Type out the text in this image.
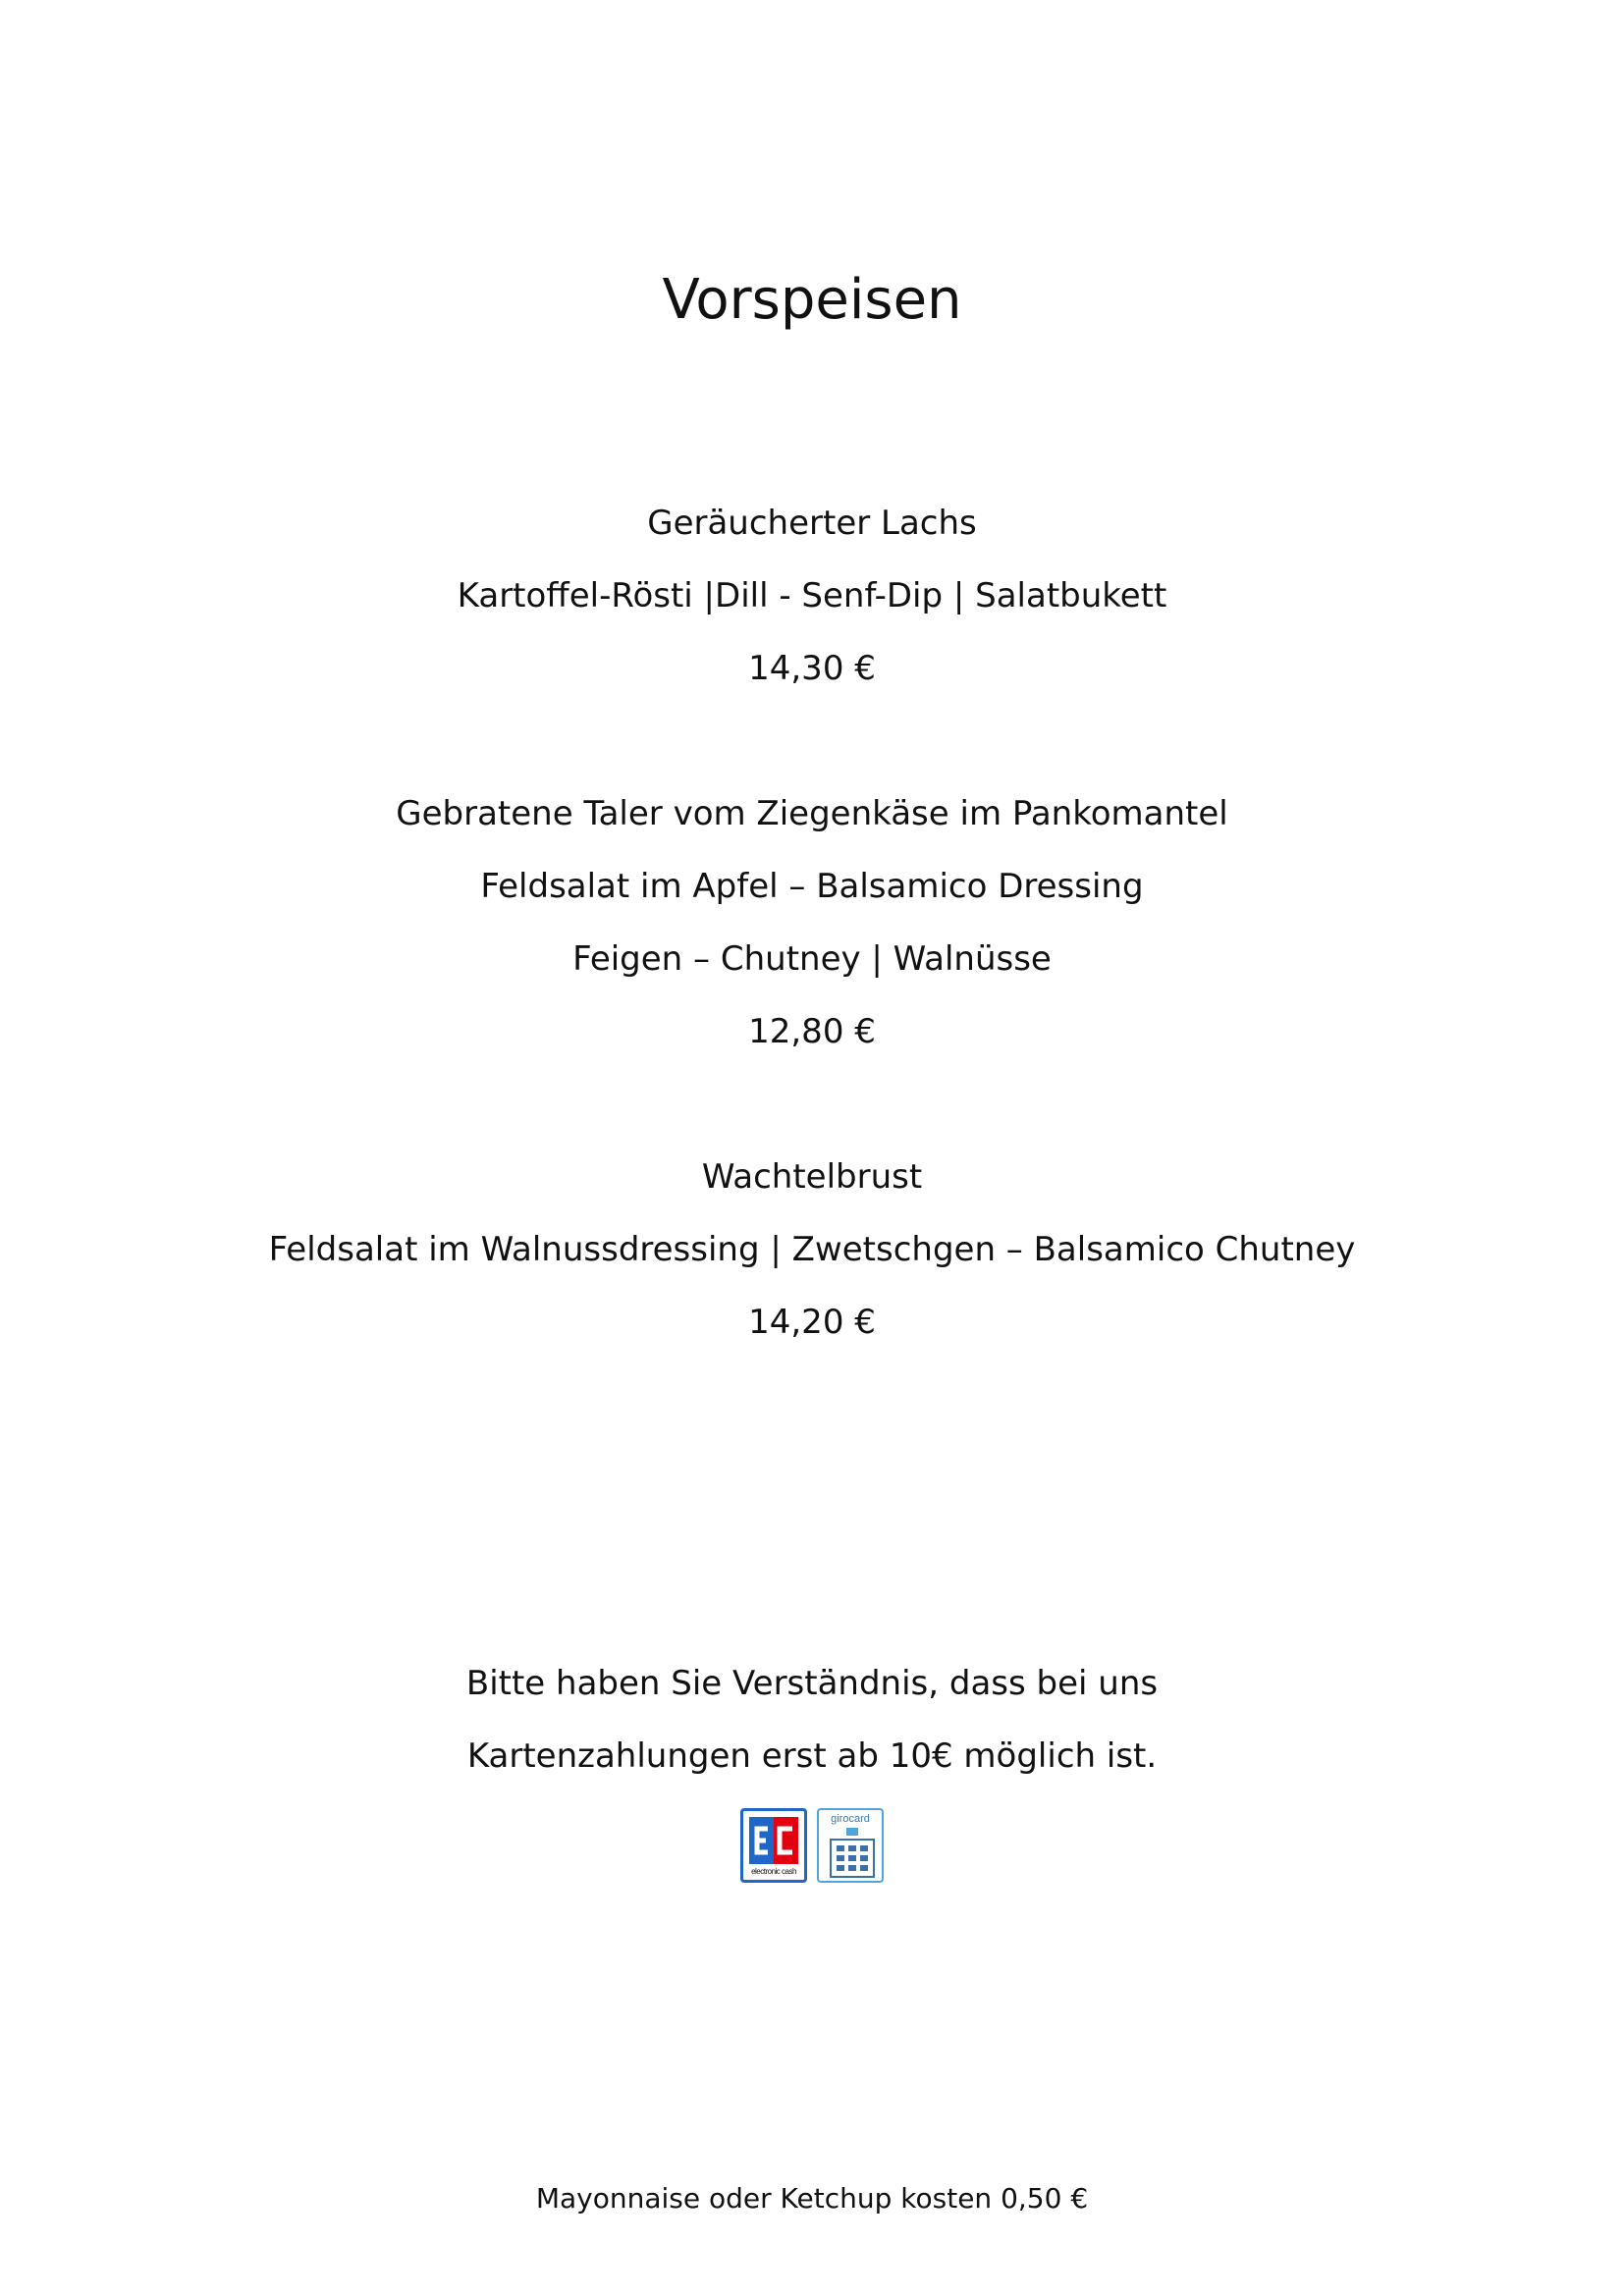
Vorspeisen
Geräucherter Lachs
Kartoffel-Rösti |Dill - Senf-Dip | Salatbukett
14,30 €
Gebratene Taler vom Ziegenkäse im Pankomantel
Feldsalat im Apfel – Balsamico Dressing
Feigen – Chutney | Walnüsse
12,80 €
Wachtelbrust
Feldsalat im Walnussdressing | Zwetschgen – Balsamico Chutney
14,20 €
Bitte haben Sie Verständnis, dass bei uns
Kartenzahlungen erst ab 10€ möglich ist.
electronic cash
girocard
Mayonnaise oder Ketchup kosten 0,50 €
